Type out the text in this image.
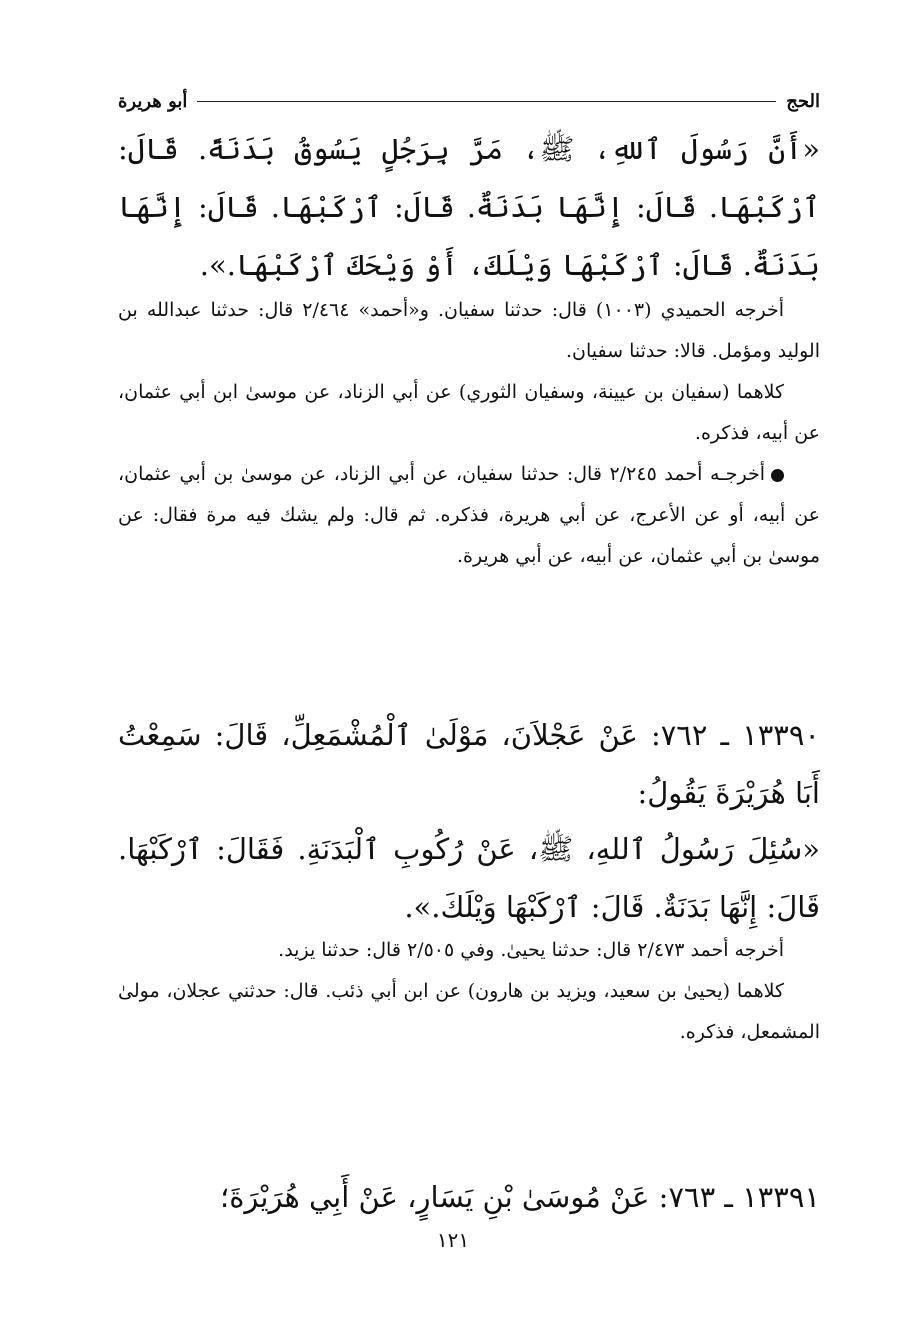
الحج
أبو هريرة
«أَنَّ رَسُولَ ٱللهِ، ﷺ، مَرَّ بِرَجُلٍ يَسُوقُ بَدَنَةً. قَالَ: ٱرْكَبْهَا. قَالَ: إِنَّهَا بَدَنَةٌ. قَالَ: ٱرْكَبْهَا. قَالَ: إِنَّهَا بَدَنَةٌ. قَالَ: ٱرْكَبْهَا وَيْلَكَ، أَوْ وَيْحَكَ ٱرْكَبْهَا.».

أخرجه الحميدي (١٠٠٣) قال: حدثنا سفيان. و«أحمد» ٢/٤٦٤ قال: حدثنا عبدالله بن الوليد ومؤمل. قالا: حدثنا سفيان.

كلاهما (سفيان بن عيينة، وسفيان الثوري) عن أبي الزناد، عن موسىٰ ابن أبي عثمان، عن أبيه، فذكره.

أخرجـه أحمد ٢/٢٤٥ قال: حدثنا سفيان، عن أبي الزناد، عن موسىٰ بن أبي عثمان، عن أبيه، أو عن الأعرج، عن أبي هريرة، فذكره. ثم قال: ولم يشك فيه مرة فقال: عن موسىٰ بن أبي عثمان، عن أبيه، عن أبي هريرة.

١٣٣٩٠ ـ ٧٦٢: عَنْ عَجْلاَنَ، مَوْلَىٰ ٱلْمُشْمَعِلِّ، قَالَ: سَمِعْتُ أَبَا هُرَيْرَةَ يَقُولُ:
«سُئِلَ رَسُولُ ٱللهِ، ﷺ، عَنْ رُكُوبِ ٱلْبَدَنَةِ. فَقَالَ: ٱرْكَبْهَا. قَالَ: إِنَّهَا بَدَنَةٌ. قَالَ: ٱرْكَبْهَا وَيْلَكَ.».

أخرجه أحمد ٢/٤٧٣ قال: حدثنا يحيىٰ. وفي ٢/٥٠٥ قال: حدثنا يزيد.

كلاهما (يحيىٰ بن سعيد، ويزيد بن هارون) عن ابن أبي ذئب. قال: حدثني عجلان، مولىٰ المشمعل، فذكره.

١٣٣٩١ ـ ٧٦٣: عَنْ مُوسَىٰ بْنِ يَسَارٍ، عَنْ أَبِي هُرَيْرَةَ؛
١٢١
